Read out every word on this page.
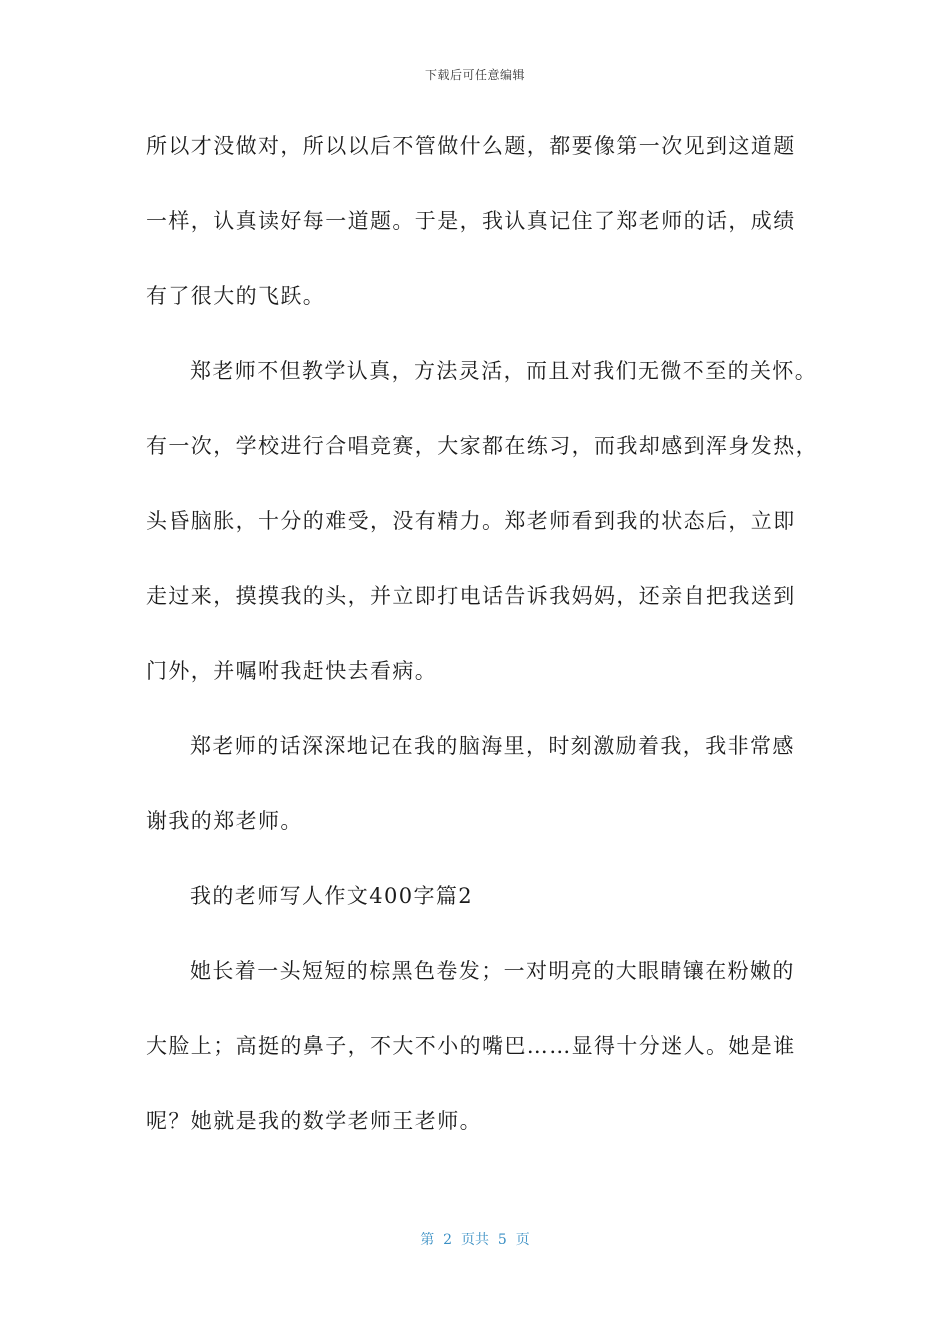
下载后可任意编辑
所以才没做对，所以以后不管做什么题，都要像第一次见到这道题
一样，认真读好每一道题。于是，我认真记住了郑老师的话，成绩
有了很大的飞跃。
郑老师不但教学认真，方法灵活，而且对我们无微不至的关怀。
有一次，学校进行合唱竞赛，大家都在练习，而我却感到浑身发热，
头昏脑胀，十分的难受，没有精力。郑老师看到我的状态后，立即
走过来，摸摸我的头，并立即打电话告诉我妈妈，还亲自把我送到
门外，并嘱咐我赶快去看病。
郑老师的话深深地记在我的脑海里，时刻激励着我，我非常感
谢我的郑老师。
我的老师写人作文400字篇2
她长着一头短短的棕黑色卷发；一对明亮的大眼睛镶在粉嫩的
大脸上；高挺的鼻子，不大不小的嘴巴……显得十分迷人。她是谁
呢？她就是我的数学老师王老师。
第  2  页共  5  页
